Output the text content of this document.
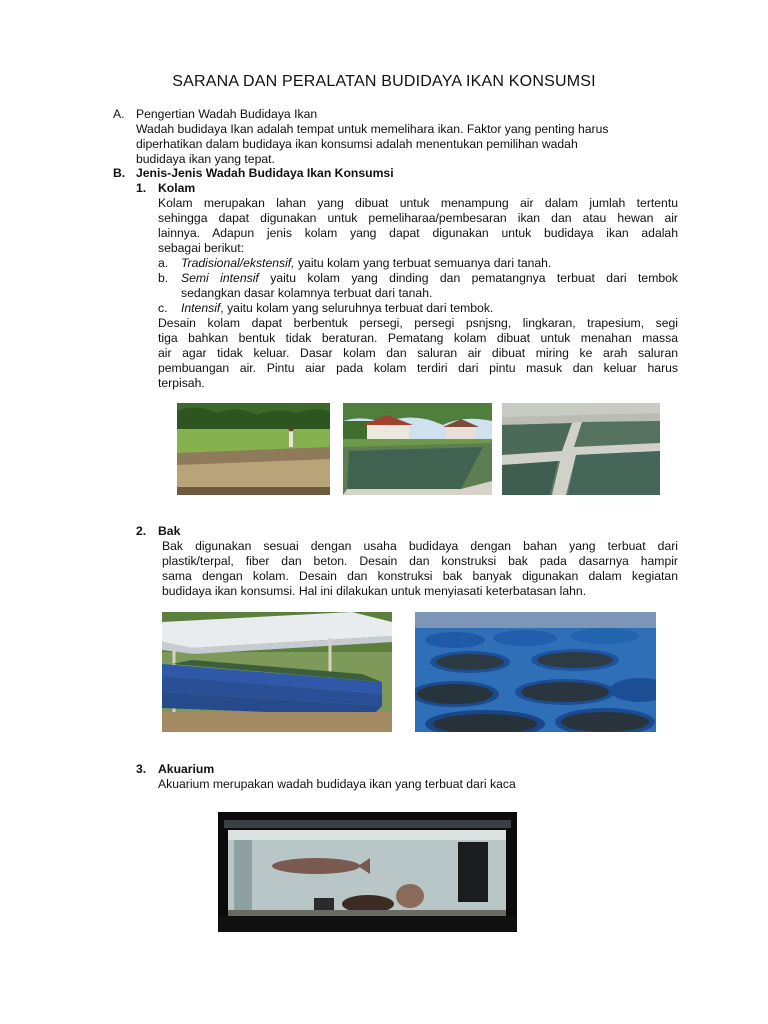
SARANA DAN PERALATAN BUDIDAYA IKAN KONSUMSI
A. Pengertian Wadah Budidaya Ikan
Wadah budidaya Ikan adalah tempat untuk memelihara ikan. Faktor yang penting harus
diperhatikan dalam budidaya ikan konsumsi adalah menentukan pemilihan wadah
budidaya ikan yang tepat.
B. Jenis-Jenis Wadah Budidaya Ikan Konsumsi
1. Kolam
Kolam merupakan lahan yang dibuat untuk menampung air dalam jumlah tertentu
sehingga dapat digunakan untuk pemeliharaa/pembesaran ikan dan atau hewan air
lainnya. Adapun jenis kolam yang dapat digunakan untuk budidaya ikan adalah
sebagai berikut:
a. Tradisional/ekstensif, yaitu kolam yang terbuat semuanya dari tanah.
b. Semi intensif yaitu kolam yang dinding dan pematangnya terbuat dari tembok
sedangkan dasar kolamnya terbuat dari tanah.
c. Intensif, yaitu kolam yang seluruhnya terbuat dari tembok.
Desain kolam dapat berbentuk persegi, persegi psnjsng, lingkaran, trapesium, segi
tiga bahkan bentuk tidak beraturan. Pematang kolam dibuat untuk menahan massa
air agar tidak keluar. Dasar kolam dan saluran air dibuat miring ke arah saluran
pembuangan air. Pintu aiar pada kolam terdiri dari pintu masuk dan keluar harus
terpisah.
2. Bak
Bak digunakan sesuai dengan usaha budidaya dengan bahan yang terbuat dari
plastik/terpal, fiber dan beton. Desain dan konstruksi bak pada dasarnya hampir
sama dengan kolam. Desain dan konstruksi bak banyak digunakan dalam kegiatan
budidaya ikan konsumsi. Hal ini dilakukan untuk menyiasati keterbatasan lahn.
3. Akuarium
Akuarium merupakan wadah budidaya ikan yang terbuat dari kaca
